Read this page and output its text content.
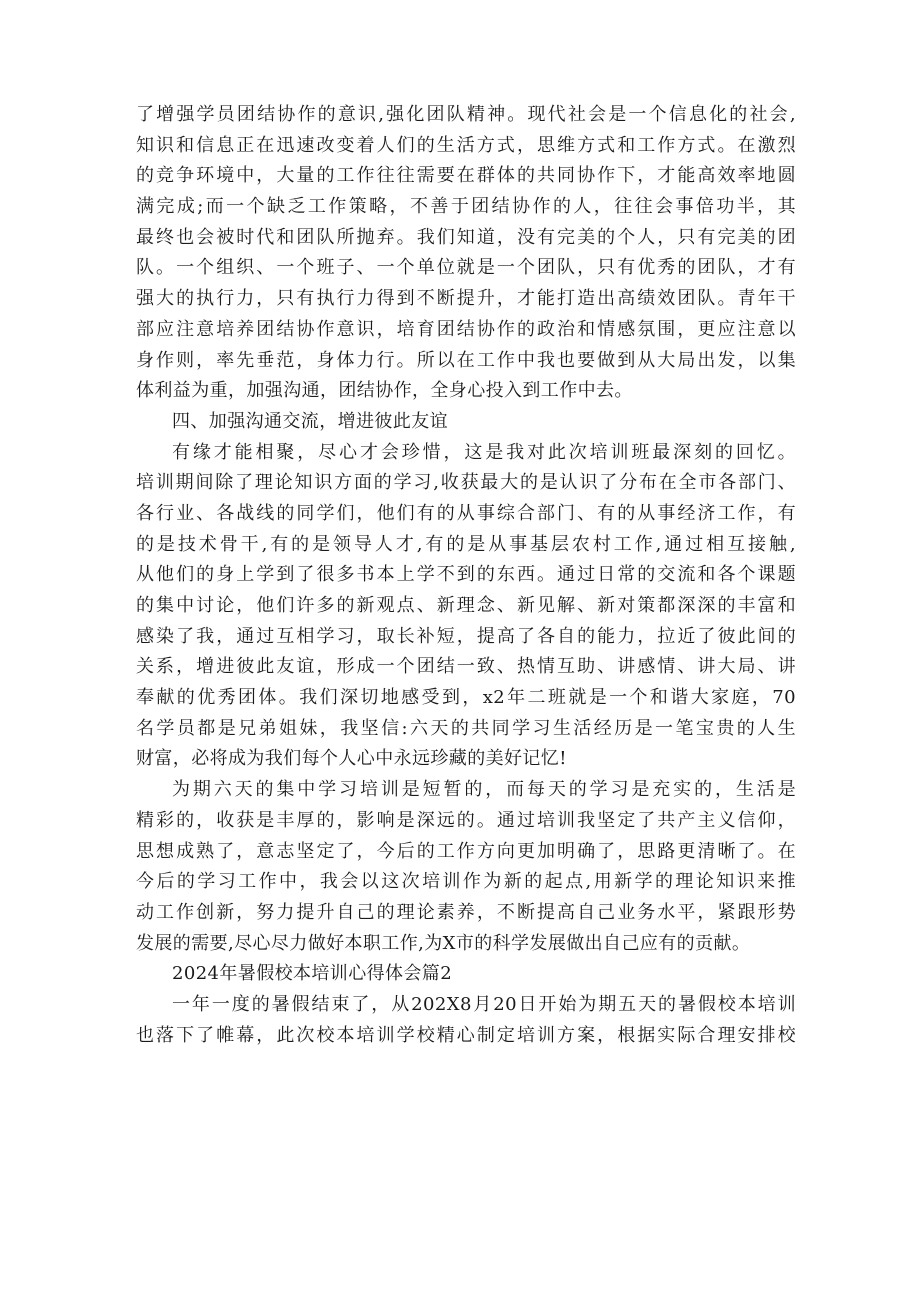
了增强学员团结协作的意识,强化团队精神。现代社会是一个信息化的社会,
知识和信息正在迅速改变着人们的生活方式，思维方式和工作方式。在激烈
的竞争环境中，大量的工作往往需要在群体的共同协作下，才能高效率地圆
满完成;而一个缺乏工作策略，不善于团结协作的人，往往会事倍功半，其
最终也会被时代和团队所抛弃。我们知道，没有完美的个人，只有完美的团
队。一个组织、一个班子、一个单位就是一个团队，只有优秀的团队，才有
强大的执行力，只有执行力得到不断提升，才能打造出高绩效团队。青年干
部应注意培养团结协作意识，培育团结协作的政治和情感氛围，更应注意以
身作则，率先垂范，身体力行。所以在工作中我也要做到从大局出发，以集
体利益为重，加强沟通，团结协作，全身心投入到工作中去。
四、加强沟通交流，增进彼此友谊
有缘才能相聚，尽心才会珍惜，这是我对此次培训班最深刻的回忆。
培训期间除了理论知识方面的学习,收获最大的是认识了分布在全市各部门、
各行业、各战线的同学们，他们有的从事综合部门、有的从事经济工作，有
的是技术骨干,有的是领导人才,有的是从事基层农村工作,通过相互接触,
从他们的身上学到了很多书本上学不到的东西。通过日常的交流和各个课题
的集中讨论，他们许多的新观点、新理念、新见解、新对策都深深的丰富和
感染了我，通过互相学习，取长补短，提高了各自的能力，拉近了彼此间的
关系，增进彼此友谊，形成一个团结一致、热情互助、讲感情、讲大局、讲
奉献的优秀团体。我们深切地感受到，x2年二班就是一个和谐大家庭，70
名学员都是兄弟姐妹，我坚信:六天的共同学习生活经历是一笔宝贵的人生
财富，必将成为我们每个人心中永远珍藏的美好记忆!
为期六天的集中学习培训是短暂的，而每天的学习是充实的，生活是
精彩的，收获是丰厚的，影响是深远的。通过培训我坚定了共产主义信仰，
思想成熟了，意志坚定了，今后的工作方向更加明确了，思路更清晰了。在
今后的学习工作中，我会以这次培训作为新的起点,用新学的理论知识来推
动工作创新，努力提升自己的理论素养，不断提高自己业务水平，紧跟形势
发展的需要,尽心尽力做好本职工作,为X市的科学发展做出自己应有的贡献。
2024年暑假校本培训心得体会篇2
一年一度的暑假结束了，从202X8月20日开始为期五天的暑假校本培训
也落下了帷幕，此次校本培训学校精心制定培训方案，根据实际合理安排校
